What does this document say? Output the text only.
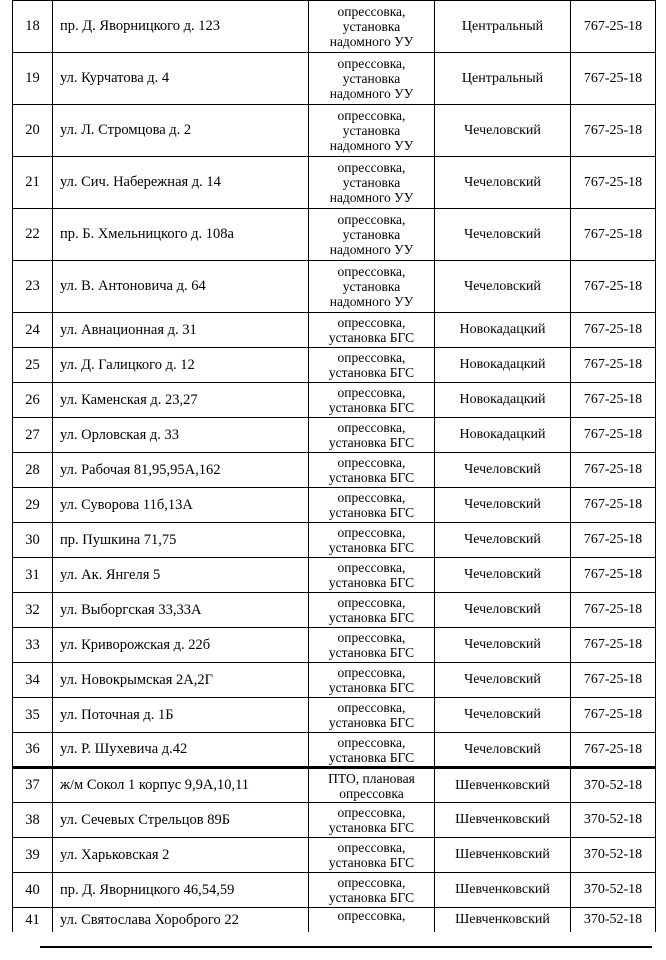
18	пр. Д. Яворницкого д. 123	опрессовка,
установка
надомного УУ	Центральный	767-25-18
19	ул. Курчатова д. 4	опрессовка,
установка
надомного УУ	Центральный	767-25-18
20	ул. Л. Стромцова д. 2	опрессовка,
установка
надомного УУ	Чечеловский	767-25-18
21	ул. Сич. Набережная д. 14	опрессовка,
установка
надомного УУ	Чечеловский	767-25-18
22	пр. Б. Хмельницкого д. 108а	опрессовка,
установка
надомного УУ	Чечеловский	767-25-18
23	ул. В. Антоновича д. 64	опрессовка,
установка
надомного УУ	Чечеловский	767-25-18
24	ул. Авнационная д. 31	опрессовка,
установка БГС	Новокадацкий	767-25-18
25	ул. Д. Галицкого д. 12	опрессовка,
установка БГС	Новокадацкий	767-25-18
26	ул. Каменская д. 23,27	опрессовка,
установка БГС	Новокадацкий	767-25-18
27	ул. Орловская д. 33	опрессовка,
установка БГС	Новокадацкий	767-25-18
28	ул. Рабочая 81,95,95А,162	опрессовка,
установка БГС	Чечеловский	767-25-18
29	ул. Суворова 11б,13А	опрессовка,
установка БГС	Чечеловский	767-25-18
30	пр. Пушкина 71,75	опрессовка,
установка БГС	Чечеловский	767-25-18
31	ул. Ак. Янгеля 5	опрессовка,
установка БГС	Чечеловский	767-25-18
32	ул. Выборгская 33,33А	опрессовка,
установка БГС	Чечеловский	767-25-18
33	ул. Криворожская д. 22б	опрессовка,
установка БГС	Чечеловский	767-25-18
34	ул. Новокрымская 2А,2Г	опрессовка,
установка БГС	Чечеловский	767-25-18
35	ул. Поточная д. 1Б	опрессовка,
установка БГС	Чечеловский	767-25-18
36	ул. Р. Шухевича д.42	опрессовка,
установка БГС	Чечеловский	767-25-18
37	ж/м Сокол 1 корпус 9,9А,10,11	ПТО, плановая
опрессовка	Шевченковский	370-52-18
38	ул. Сечевых Стрельцов 89Б	опрессовка,
установка БГС	Шевченковский	370-52-18
39	ул. Харьковская 2	опрессовка,
установка БГС	Шевченковский	370-52-18
40	пр. Д. Яворницкого 46,54,59	опрессовка,
установка БГС	Шевченковский	370-52-18
41	ул. Святослава Хороброго 22	опрессовка,	Шевченковский	370-52-18
